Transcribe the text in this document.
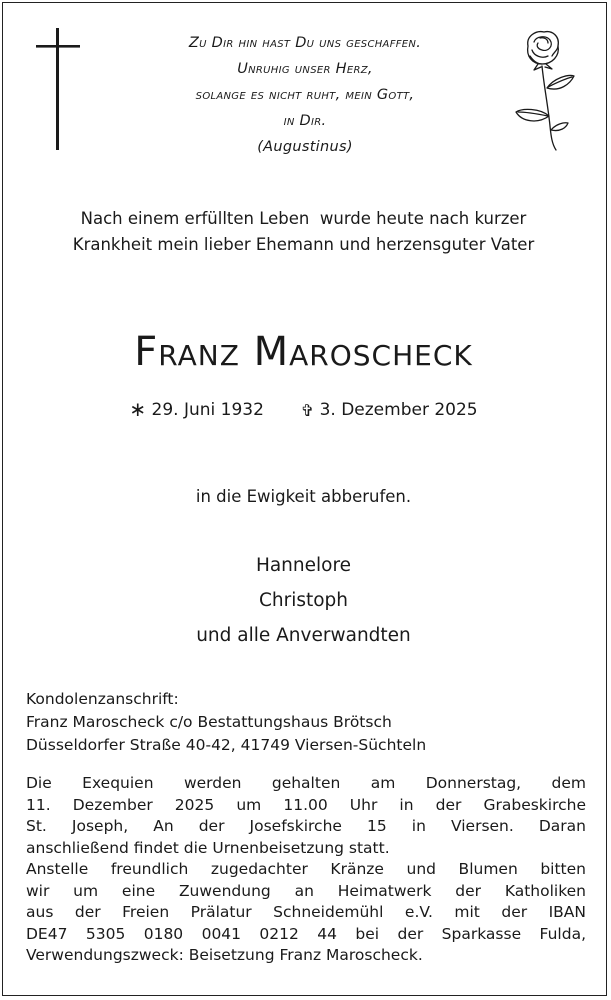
Zu Dir hin hast Du uns geschaffen.
Unruhig unser Herz,
solange es nicht ruht, mein Gott,
in Dir.
(Augustinus)
Nach einem erfüllten Leben  wurde heute nach kurzer
Krankheit mein lieber Ehemann und herzensguter Vater
Franz Maroscheck
∗ 29. Juni 1932 ✞ 3. Dezember 2025
in die Ewigkeit abberufen.
Hannelore
Christoph
und alle Anverwandten
Kondolenzanschrift:
Franz Maroscheck c/o Bestattungshaus Brötsch
Düsseldorfer Straße 40-42, 41749 Viersen-Süchteln
Die Exequien werden gehalten am Donnerstag, dem
11. Dezember 2025 um 11.00 Uhr in der Grabeskirche
St. Joseph, An der Josefskirche 15 in Viersen. Daran
anschließend findet die Urnenbeisetzung statt.
Anstelle freundlich zugedachter Kränze und Blumen bitten
wir um eine Zuwendung an Heimatwerk der Katholiken
aus der Freien Prälatur Schneidemühl e.V. mit der IBAN
DE47 5305 0180 0041 0212 44 bei der Sparkasse Fulda,
Verwendungszweck: Beisetzung Franz Maroscheck.
